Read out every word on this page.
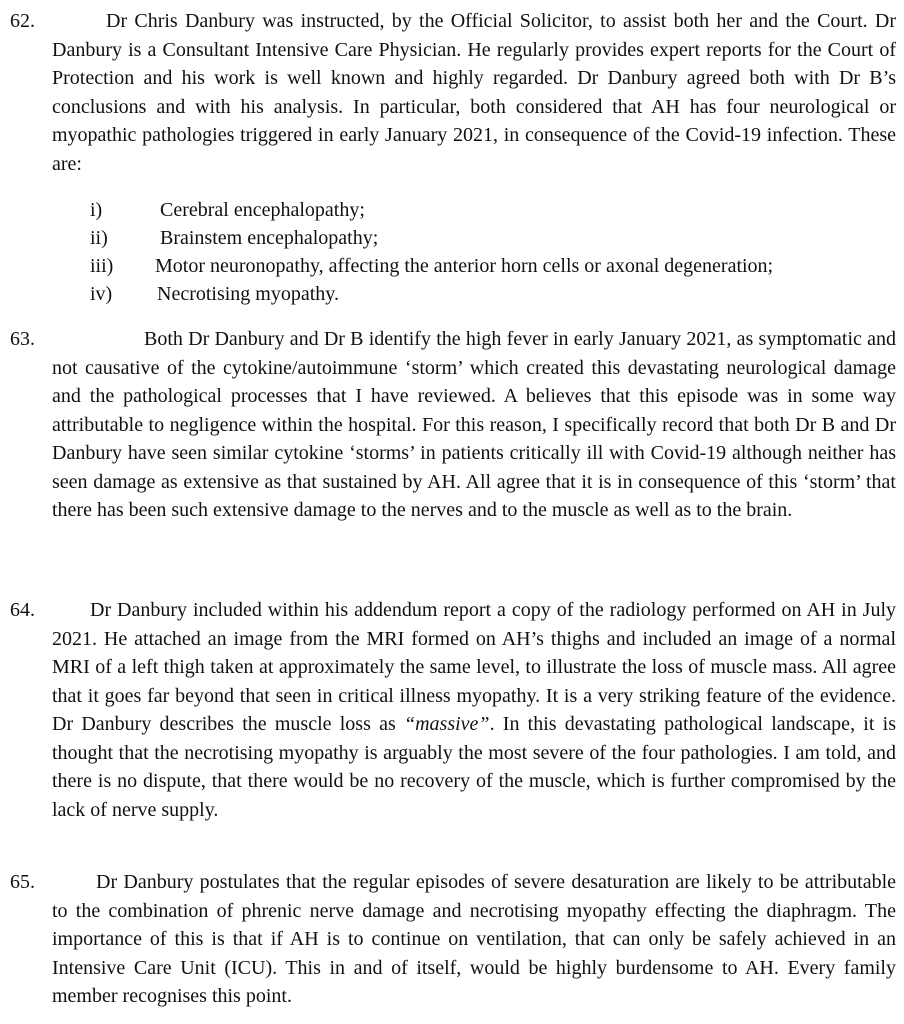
62.	Dr Chris Danbury was instructed, by the Official Solicitor, to assist both her and the Court. Dr Danbury is a Consultant Intensive Care Physician. He regularly provides expert reports for the Court of Protection and his work is well known and highly regarded. Dr Danbury agreed both with Dr B’s conclusions and with his analysis. In particular, both considered that AH has four neurological or myopathic pathologies triggered in early January 2021, in consequence of the Covid-19 infection. These are:
i)	Cerebral encephalopathy;
ii)	Brainstem encephalopathy;
iii) Motor neuronopathy, affecting the anterior horn cells or axonal degeneration;
iv) Necrotising myopathy.
63.	Both Dr Danbury and Dr B identify the high fever in early January 2021, as symptomatic and not causative of the cytokine/autoimmune ‘storm’ which created this devastating neurological damage and the pathological processes that I have reviewed. A believes that this episode was in some way attributable to negligence within the hospital. For this reason, I specifically record that both Dr B and Dr Danbury have seen similar cytokine ‘storms’ in patients critically ill with Covid-19 although neither has seen damage as extensive as that sustained by AH. All agree that it is in consequence of this ‘storm’ that there has been such extensive damage to the nerves and to the muscle as well as to the brain.
64.	Dr Danbury included within his addendum report a copy of the radiology performed on AH in July 2021. He attached an image from the MRI formed on AH’s thighs and included an image of a normal MRI of a left thigh taken at approximately the same level, to illustrate the loss of muscle mass. All agree that it goes far beyond that seen in critical illness myopathy. It is a very striking feature of the evidence. Dr Danbury describes the muscle loss as “massive”. In this devastating pathological landscape, it is thought that the necrotising myopathy is arguably the most severe of the four pathologies. I am told, and there is no dispute, that there would be no recovery of the muscle, which is further compromised by the lack of nerve supply.
65.	Dr Danbury postulates that the regular episodes of severe desaturation are likely to be attributable to the combination of phrenic nerve damage and necrotising myopathy effecting the diaphragm. The importance of this is that if AH is to continue on ventilation, that can only be safely achieved in an Intensive Care Unit (ICU). This in and of itself, would be highly burdensome to AH. Every family member recognises this point.
